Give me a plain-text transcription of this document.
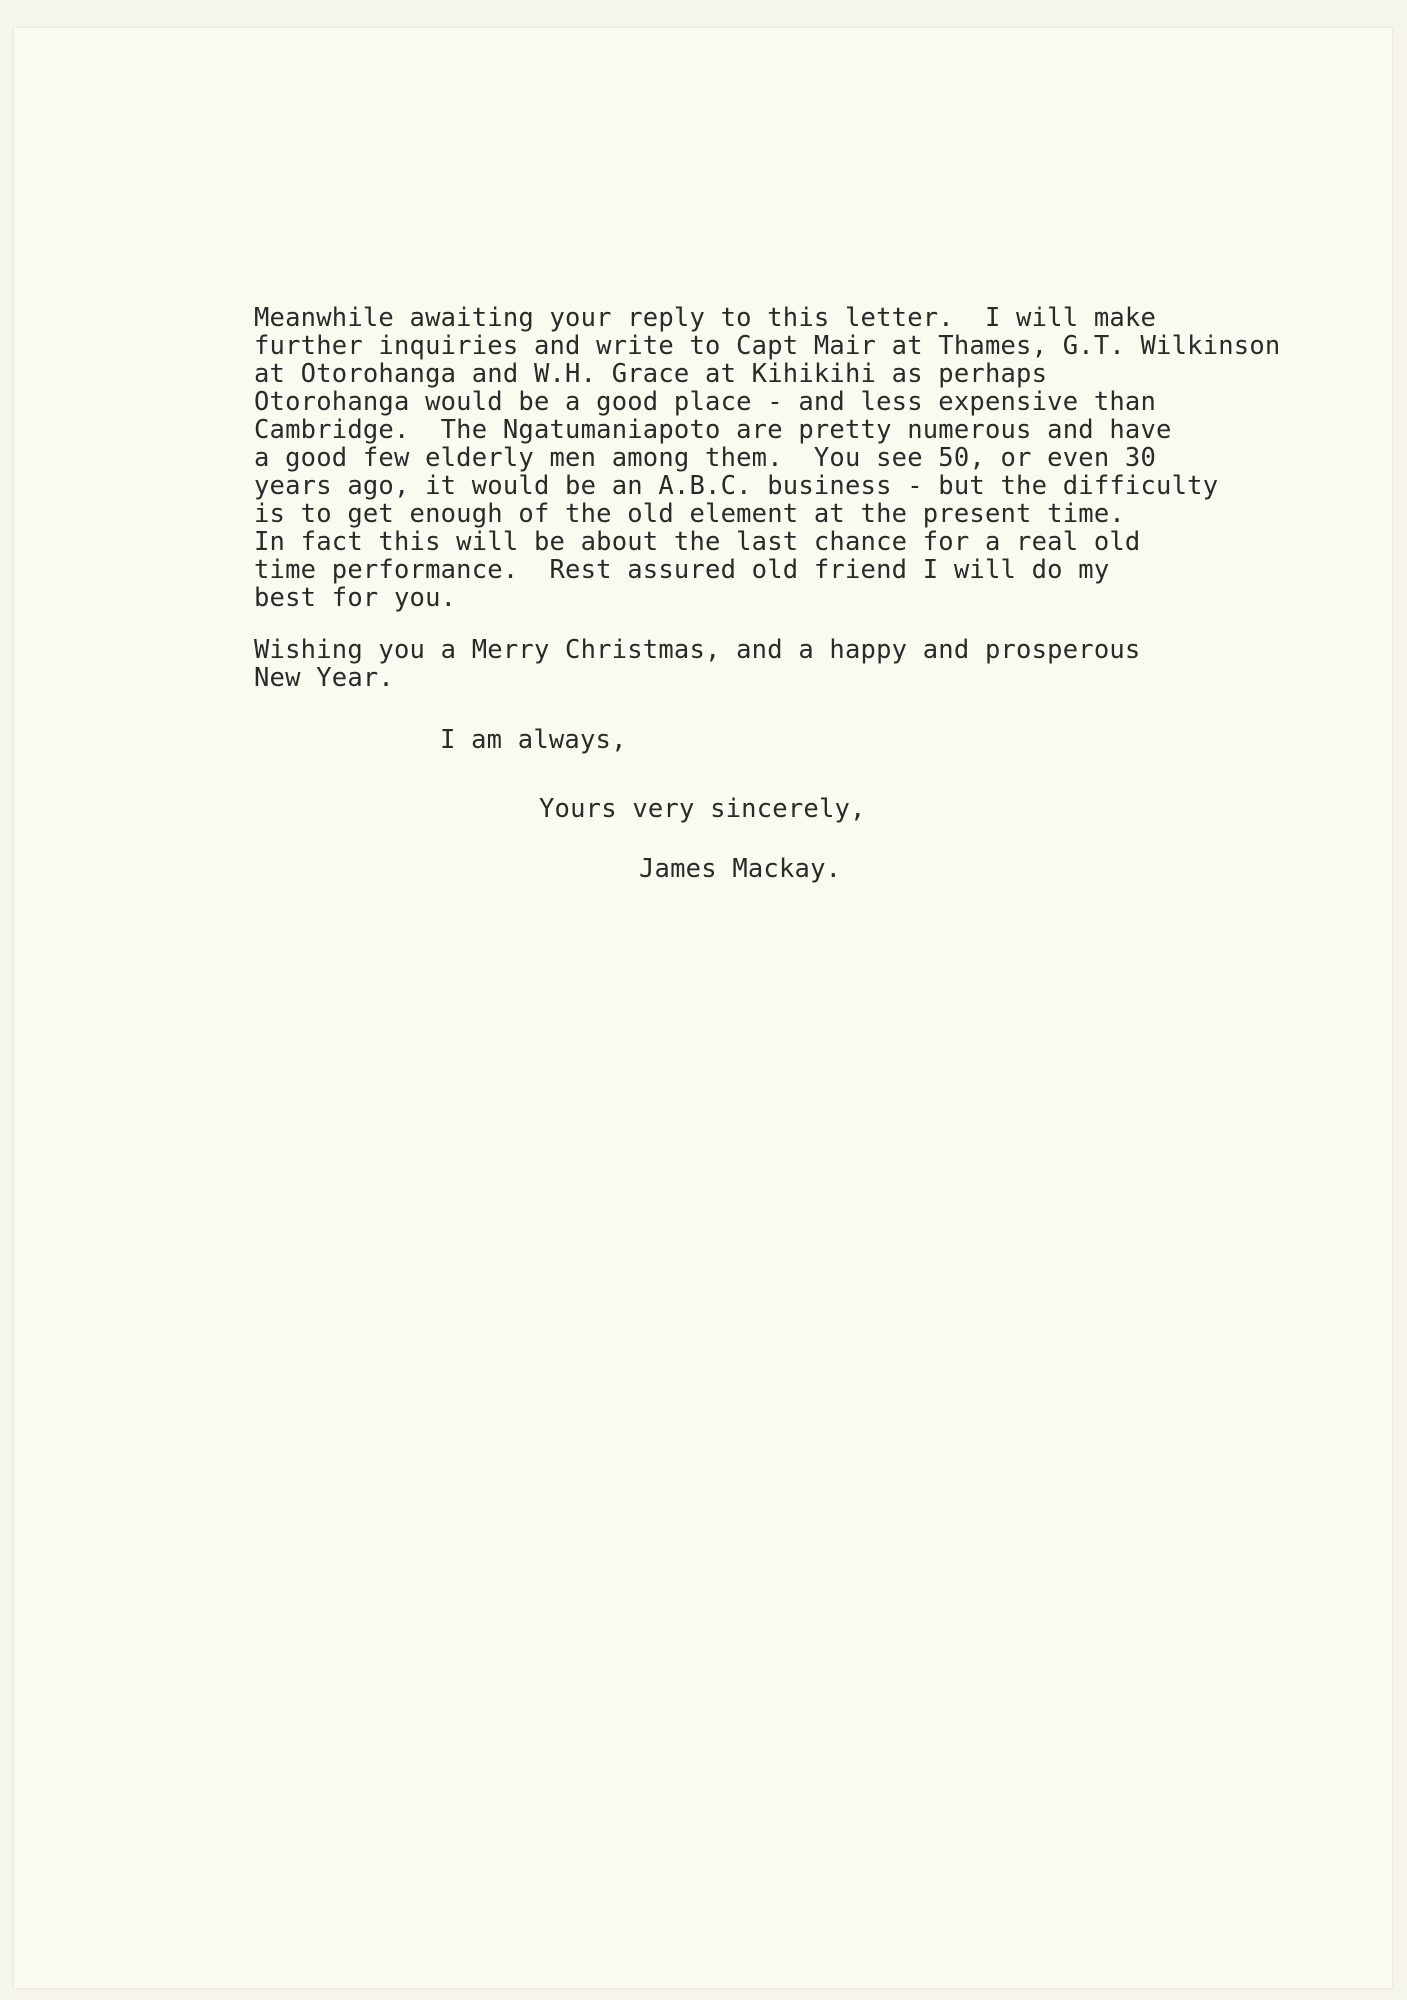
Meanwhile awaiting your reply to this letter.  I will make
further inquiries and write to Capt Mair at Thames, G.T. Wilkinson
at Otorohanga and W.H. Grace at Kihikihi as perhaps
Otorohanga would be a good place - and less expensive than
Cambridge.  The Ngatumaniapoto are pretty numerous and have
a good few elderly men among them.  You see 50, or even 30
years ago, it would be an A.B.C. business - but the difficulty
is to get enough of the old element at the present time.
In fact this will be about the last chance for a real old
time performance.  Rest assured old friend I will do my
best for you.

Wishing you a Merry Christmas, and a happy and prosperous
New Year.

I am always,
Yours very sincerely,
James Mackay.
